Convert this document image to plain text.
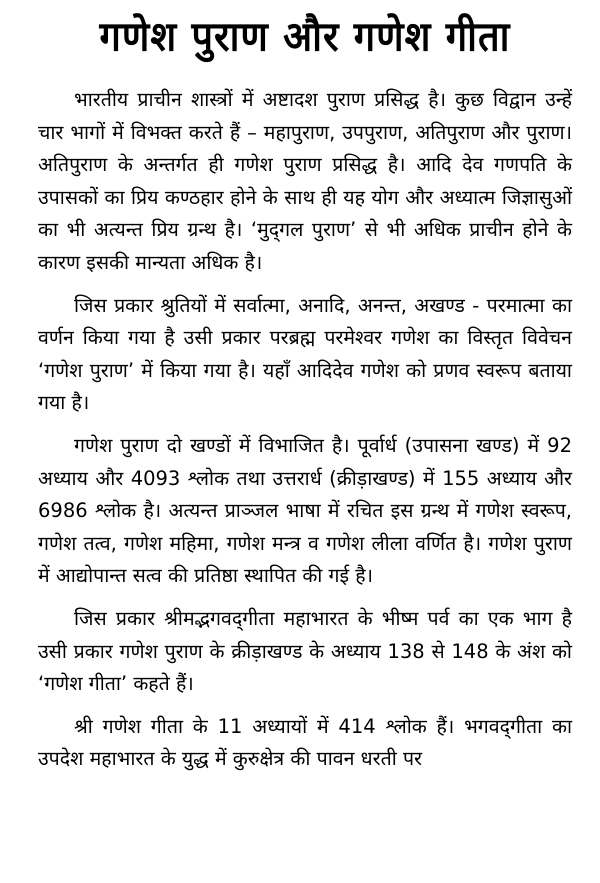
गणेश पुराण और गणेश गीता

भारतीय प्राचीन शास्त्रों में अष्टादश पुराण प्रसिद्ध है। कुछ विद्वान उन्हें चार भागों में विभक्त करते हैं – महापुराण, उपपुराण, अतिपुराण और पुराण। अतिपुराण के अन्तर्गत ही गणेश पुराण प्रसिद्ध है। आदि देव गणपति के उपासकों का प्रिय कण्ठहार होने के साथ ही यह योग और अध्यात्म जिज्ञासुओं का भी अत्यन्त प्रिय ग्रन्थ है। ‘मुद्‌गल पुराण’ से भी अधिक प्राचीन होने के कारण इसकी मान्यता अधिक है।

जिस प्रकार श्रुतियों में सर्वात्मा, अनादि, अनन्त, अखण्ड - परमात्मा का वर्णन किया गया है उसी प्रकार परब्रह्म परमेश्वर गणेश का विस्तृत विवेचन ‘गणेश पुराण’ में किया गया है। यहाँ आदिदेव गणेश को प्रणव स्वरूप बताया गया है।

गणेश पुराण दो खण्डों में विभाजित है। पूर्वार्ध (उपासना खण्ड) में 92 अध्याय और 4093 श्लोक तथा उत्तरार्ध (क्रीड़ाखण्ड) में 155 अध्याय और 6986 श्लोक है। अत्यन्त प्राञ्जल भाषा में रचित इस ग्रन्थ में गणेश स्वरूप, गणेश तत्व, गणेश महिमा, गणेश मन्त्र व गणेश लीला वर्णित है। गणेश पुराण में आद्योपान्त सत्व की प्रतिष्ठा स्थापित की गई है।

जिस प्रकार श्रीमद्भगवद्‌गीता महाभारत के भीष्म पर्व का एक भाग है उसी प्रकार गणेश पुराण के क्रीड़ाखण्ड के अध्याय 138 से 148 के अंश को ‘गणेश गीता’ कहते हैं।

श्री गणेश गीता के 11 अध्यायों में 414 श्लोक हैं। भगवद्‌गीता का उपदेश महाभारत के युद्ध में कुरुक्षेत्र की पावन धरती पर
